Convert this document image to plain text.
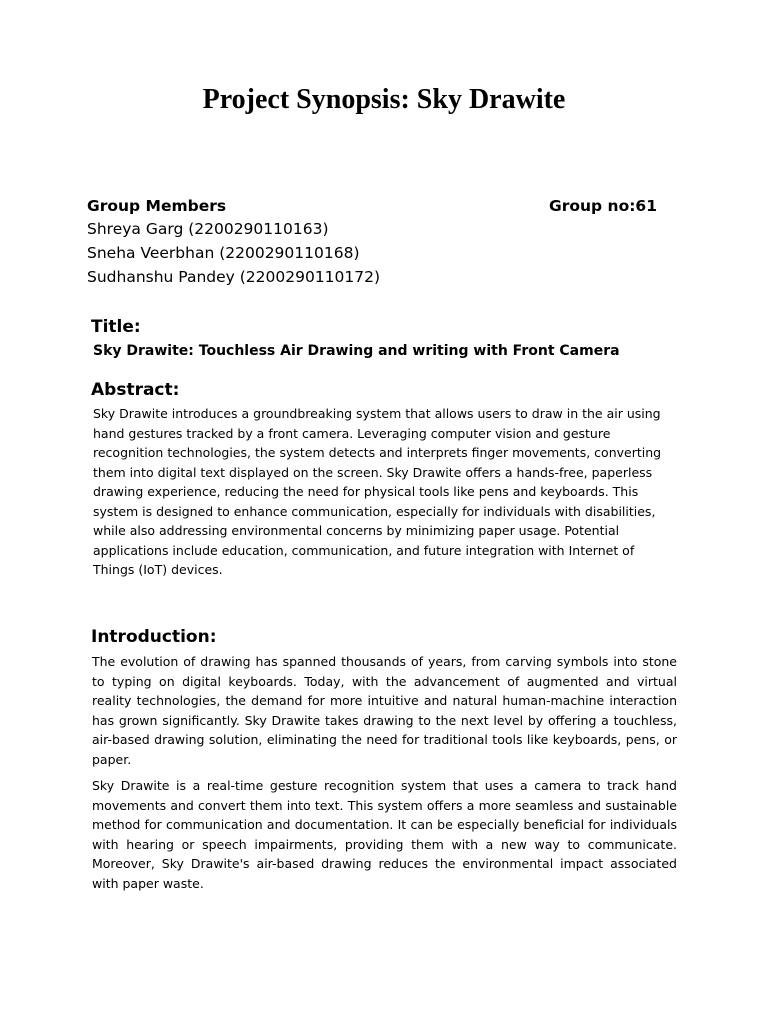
Project Synopsis: Sky Drawite
Group Members	Group no:61
Shreya Garg (2200290110163)
Sneha Veerbhan (2200290110168)
Sudhanshu Pandey (2200290110172)
Title:
Sky Drawite: Touchless Air Drawing and writing with Front Camera
Abstract:

Sky Drawite introduces a groundbreaking system that allows users to draw in the air using hand gestures tracked by a front camera. Leveraging computer vision and gesture recognition technologies, the system detects and interprets finger movements, converting them into digital text displayed on the screen. Sky Drawite offers a hands-free, paperless drawing experience, reducing the need for physical tools like pens and keyboards. This system is designed to enhance communication, especially for individuals with disabilities, while also addressing environmental concerns by minimizing paper usage. Potential applications include education, communication, and future integration with Internet of Things (IoT) devices.

Introduction:

The evolution of drawing has spanned thousands of years, from carving symbols into stone to typing on digital keyboards. Today, with the advancement of augmented and virtual reality technologies, the demand for more intuitive and natural human-machine interaction has grown significantly. Sky Drawite takes drawing to the next level by offering a touchless, air-based drawing solution, eliminating the need for traditional tools like keyboards, pens, or paper.

Sky Drawite is a real-time gesture recognition system that uses a camera to track hand movements and convert them into text. This system offers a more seamless and sustainable method for communication and documentation. It can be especially beneficial for individuals with hearing or speech impairments, providing them with a new way to communicate. Moreover, Sky Drawite's air-based drawing reduces the environmental impact associated with paper waste.
